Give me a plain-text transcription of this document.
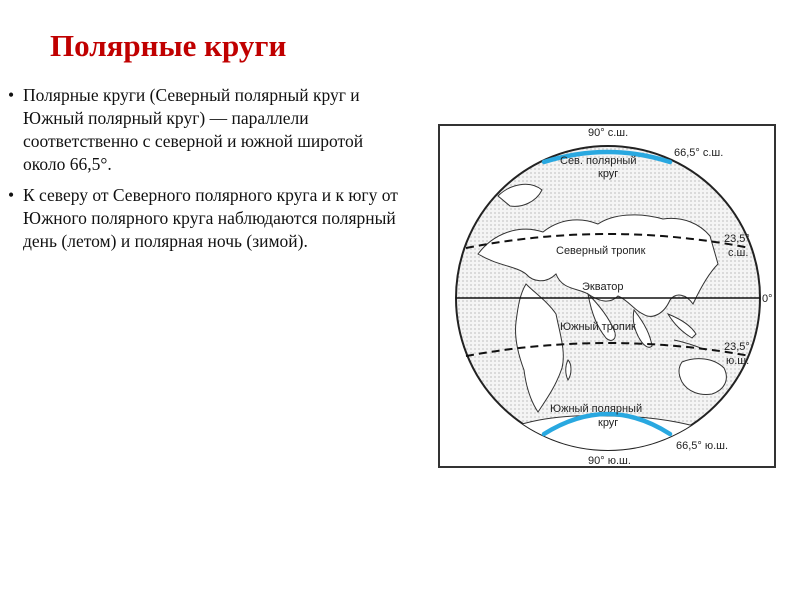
Полярные круги
• Полярные круги (Северный полярный круг и Южный полярный круг) — параллели соответственно с северной и южной широтой около 66,5°.
• К северу от Северного полярного круга и к югу от Южного полярного круга наблюдаются полярный день (летом) и полярная ночь (зимой).
90° с.ш.
Сев. полярный
круг
66,5° с.ш.
Северный тропик
23,5°
с.ш.
Экватор
0°
Южный тропик
23,5°
ю.ш.
Южный полярный
круг
66,5° ю.ш.
90° ю.ш.
